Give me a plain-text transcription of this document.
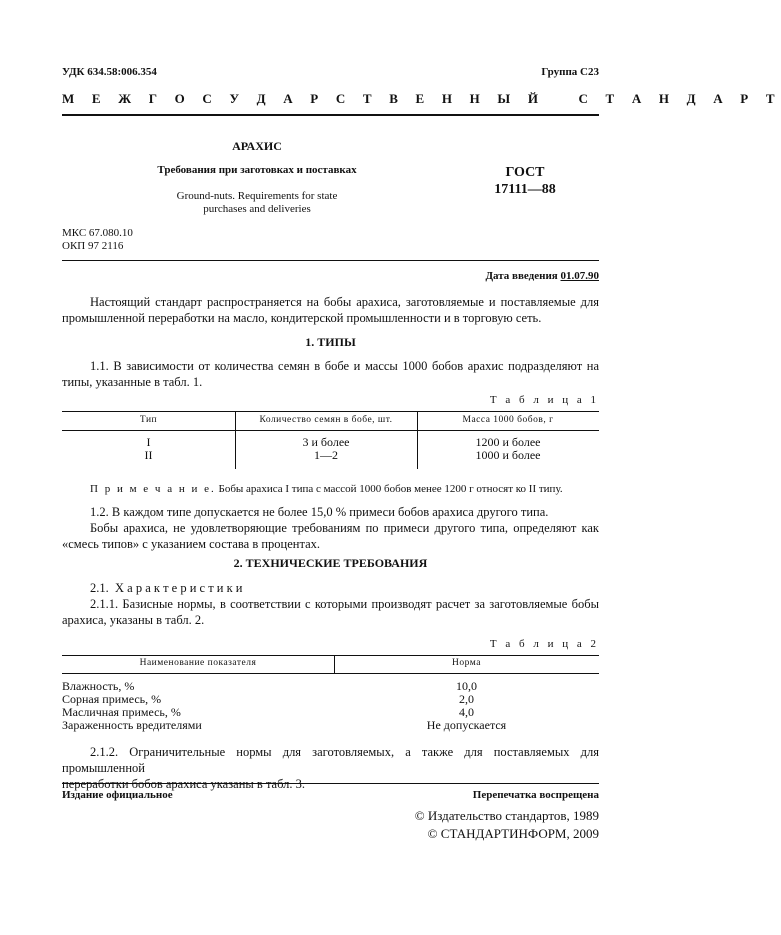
УДК 634.58:006.354	Группа С23
М Е Ж Г О С У Д А Р С Т В Е Н Н Ы Й   С Т А Н Д А Р Т
АРАХИС
Требования при заготовках и поставках
Ground-nuts. Requirements for state
purchases and deliveries
ГОСТ
17111—88
МКС 67.080.10
ОКП 97 2116
Дата введения 01.07.90
Настоящий стандарт распространяется на бобы арахиса, заготовляемые и поставляемые для
промышленной переработки на масло, кондитерской промышленности и в торговую сеть.
1. ТИПЫ
1.1. В зависимости от количества семян в бобе и массы 1000 бобов арахис подразделяют на
типы, указанные в табл. 1.
Т а б л и ц а 1
Тип	Количество семян в бобе, шт.	Масса 1000 бобов, г
I	3 и более	1200 и более
II	1—2	1000 и более
П р и м е ч а н и е. Бобы арахиса I типа с массой 1000 бобов менее 1200 г относят ко II типу.
1.2. В каждом типе допускается не более 15,0 % примеси бобов арахиса другого типа.
Бобы арахиса, не удовлетворяющие требованиям по примеси другого типа, определяют как
«смесь типов» с указанием состава в процентах.
2. ТЕХНИЧЕСКИЕ ТРЕБОВАНИЯ
2.1.  Х а р а к т е р и с т и к и
2.1.1. Базисные нормы, в соответствии с которыми производят расчет за заготовляемые бобы
арахиса, указаны в табл. 2.
Т а б л и ц а 2
Наименование показателя	Норма
Влажность, %	10,0
Сорная примесь, %	2,0
Масличная примесь, %	4,0
Зараженность вредителями	Не допускается
2.1.2. Ограничительные нормы для заготовляемых, а также для поставляемых для промышленной
переработки бобов арахиса указаны в табл. 3.
Издание официальное	Перепечатка воспрещена
© Издательство стандартов, 1989
© СТАНДАРТИНФОРМ, 2009
